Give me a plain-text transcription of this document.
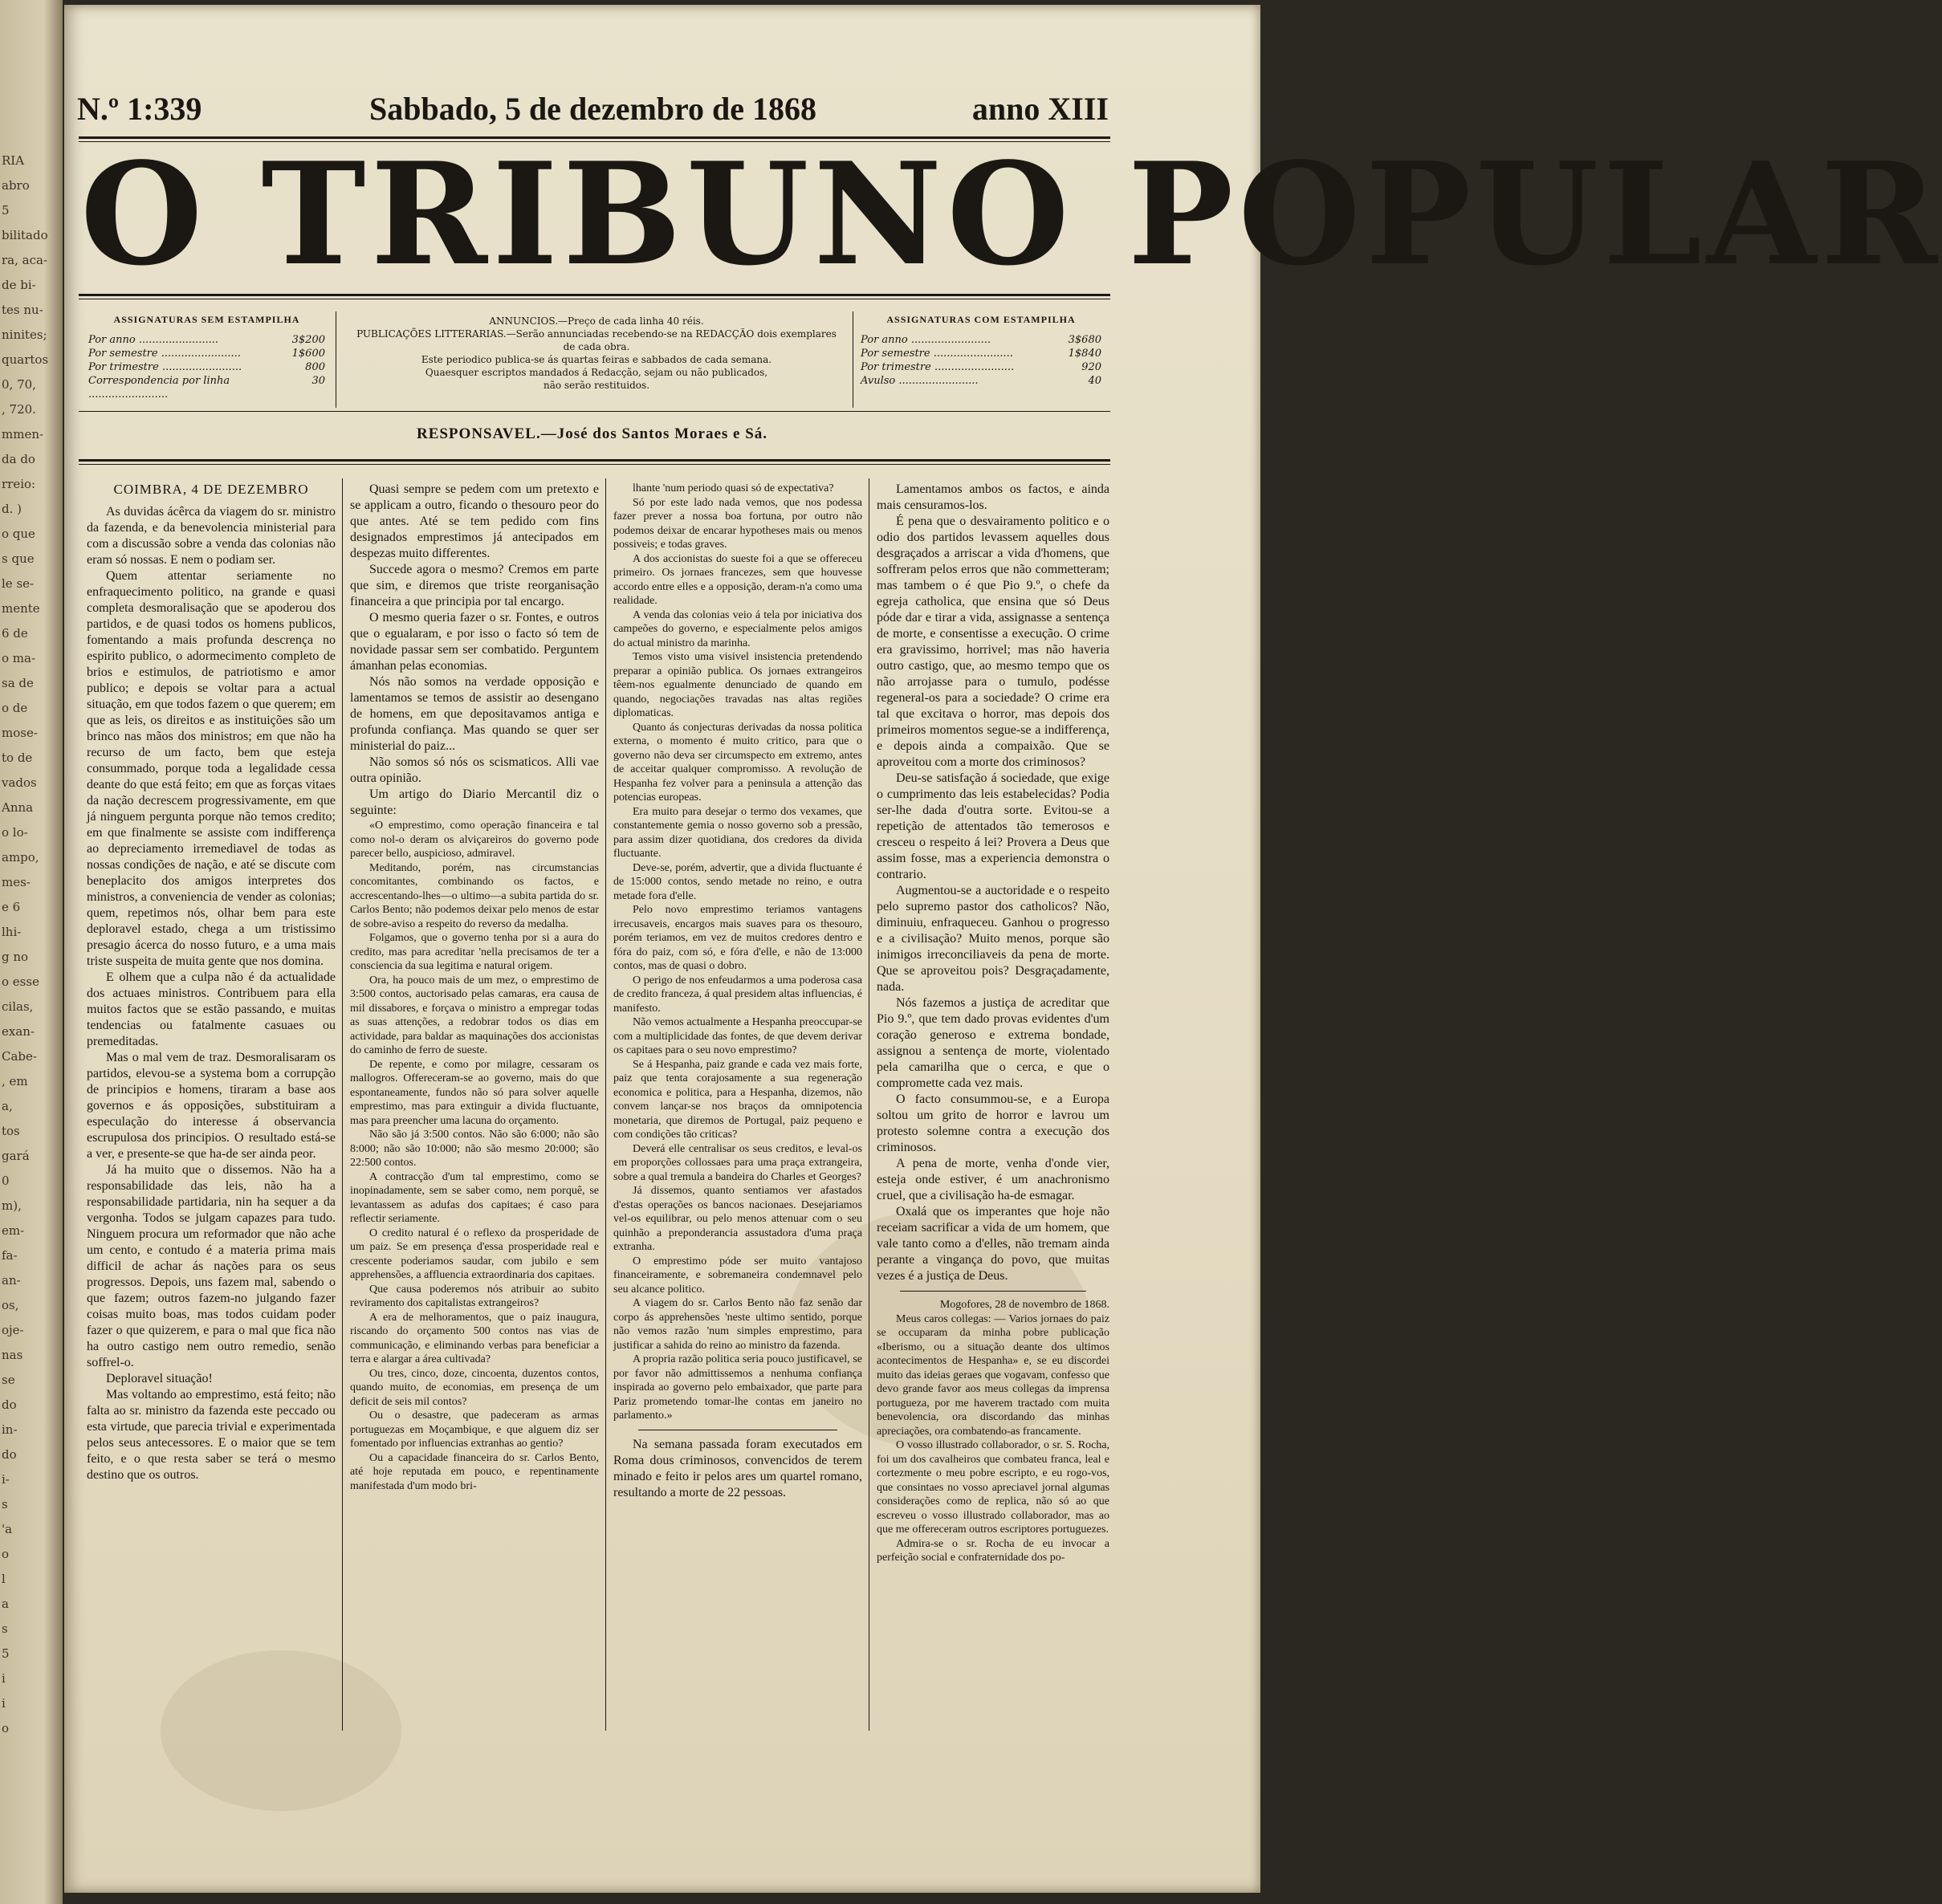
RIA
abro
5
bilitado
ra, aca-
de bi-
tes nu-
ninites;
quartos
0, 70,
, 720.
mmen-
da do
rreio:
d. )
o que
s que
le se-
mente
6 de
o ma-
sa de
o de
mose-
to de
vados
Anna
o lo-
ampo,
mes-
e 6
lhi-
g no
o esse
cilas,
exan-
Cabe-
, em
a,
tos
gará
0
m),
em-
fa-
an-
os,
oje-
nas
se
do
in-
do
i-
s
'a
o
l
a
s
5
i
i
o
N.º 1:339	Sabbado, 5 de dezembro de 1868	anno XIII
O TRIBUNO POPULAR
ASSIGNATURAS SEM ESTAMPILHA
Por anno .....	3$200
Por semestre .....	1$600
Por trimestre .....	800
Correspondencia por linha .....	30
ANNUNCIOS.—Preço de cada linha 40 réis.
PUBLICAÇÕES LITTERARIAS.—Serão annunciadas recebendo-se na REDACÇÃO dois exemplares
de cada obra.
Este periodico publica-se ás quartas feiras e sabbados de cada semana.
Quaesquer escriptos mandados á Redacção, sejam ou não publicados,
não serão restituidos.
ASSIGNATURAS COM ESTAMPILHA
Por anno .....	3$680
Por semestre .....	1$840
Por trimestre .....	920
Avulso .....	40
RESPONSAVEL.—José dos Santos Moraes e Sá.

COIMBRA, 4 DE DEZEMBRO

As duvidas ácêrca da viagem do sr. ministro da fazenda, e da benevolencia ministerial para com a discussão sobre a venda das colonias não eram só nossas. E nem o podiam ser.

Quem attentar seriamente no enfraquecimento politico, na grande e quasi completa desmoralisação que se apoderou dos partidos, e de quasi todos os homens publicos, fomentando a mais profunda descrença no espirito publico, o adormecimento completo de brios e estimulos, de patriotismo e amor publico; e depois se voltar para a actual situação, em que todos fazem o que querem; em que as leis, os direitos e as instituições são um brinco nas mãos dos ministros; em que não ha recurso de um facto, bem que esteja consummado, porque toda a legalidade cessa deante do que está feito; em que as forças vitaes da nação decrescem progressivamente, em que já ninguem pergunta porque não temos credito; em que finalmente se assiste com indifferença ao depreciamento irremediavel de todas as nossas condições de nação, e até se discute com beneplacito dos amigos interpretes dos ministros, a conveniencia de vender as colonias; quem, repetimos nós, olhar bem para este deploravel estado, chega a um tristissimo presagio ácerca do nosso futuro, e a uma mais triste suspeita de muita gente que nos domina.

E olhem que a culpa não é da actualidade dos actuaes ministros. Contribuem para ella muitos factos que se estão passando, e muitas tendencias ou fatalmente casuaes ou premeditadas.

Mas o mal vem de traz. Desmoralisaram os partidos, elevou-se a systema bom a corrupção de principios e homens, tiraram a base aos governos e ás opposições, substituiram a especulação do interesse á observancia escrupulosa dos principios. O resultado está-se a ver, e presente-se que ha-de ser ainda peor.

Já ha muito que o dissemos. Não ha a responsabilidade das leis, não ha a responsabilidade partidaria, nin ha sequer a da vergonha. Todos se julgam capazes para tudo. Ninguem procura um reformador que não ache um cento, e contudo é a materia prima mais difficil de achar ás nações para os seus progressos. Depois, uns fazem mal, sabendo o que fazem; outros fazem-no julgando fazer coisas muito boas, mas todos cuidam poder fazer o que quizerem, e para o mal que fica não ha outro castigo nem outro remedio, senão soffrel-o.

Deploravel situação!

Mas voltando ao emprestimo, está feito; não falta ao sr. ministro da fazenda este peccado ou esta virtude, que parecia trivial e experimentada pelos seus antecessores. E o maior que se tem feito, e o que resta saber se terá o mesmo destino que os outros.

Quasi sempre se pedem com um pretexto e se applicam a outro, ficando o thesouro peor do que antes. Até se tem pedido com fins designados emprestimos já antecipados em despezas muito differentes.

Succede agora o mesmo? Cremos em parte que sim, e diremos que triste reorganisação financeira a que principia por tal encargo.

O mesmo queria fazer o sr. Fontes, e outros que o egualaram, e por isso o facto só tem de novidade passar sem ser combatido. Perguntem ámanhan pelas economias.

Nós não somos na verdade opposição e lamentamos se temos de assistir ao desengano de homens, em que depositavamos antiga e profunda confiança. Mas quando se quer ser ministerial do paiz...

Não somos só nós os scismaticos. Alli vae outra opinião.

Um artigo do Diario Mercantil diz o seguinte:

«O emprestimo, como operação financeira e tal como nol-o deram os alviçareiros do governo pode parecer bello, auspicioso, admiravel.

Meditando, porém, nas circumstancias concomitantes, combinando os factos, e accrescentando-lhes—o ultimo—a subita partida do sr. Carlos Bento; não podemos deixar pelo menos de estar de sobre-aviso a respeito do reverso da medalha.

Folgamos, que o governo tenha por si a aura do credito, mas para acreditar 'nella precisamos de ter a consciencia da sua legitima e natural origem.

Ora, ha pouco mais de um mez, o emprestimo de 3:500 contos, auctorisado pelas camaras, era causa de mil dissabores, e forçava o ministro a empregar todas as suas attenções, a redobrar todos os dias em actividade, para baldar as maquinações dos accionistas do caminho de ferro de sueste.

De repente, e como por milagre, cessaram os mallogros. Offereceram-se ao governo, mais do que espontaneamente, fundos não só para solver aquelle emprestimo, mas para extinguir a divida fluctuante, mas para preencher uma lacuna do orçamento.

Não são já 3:500 contos. Não são 6:000; não são 8:000; não são 10:000; não são mesmo 20:000; são 22:500 contos.

A contracção d'um tal emprestimo, como se inopinadamente, sem se saber como, nem porquê, se levantassem as adufas dos capitaes; é caso para reflectir seriamente.

O credito natural é o reflexo da prosperidade de um paiz. Se em presença d'essa prosperidade real e crescente poderiamos saudar, com jubilo e sem apprehensões, a affluencia extraordinaria dos capitaes.

Que causa poderemos nós atribuir ao subito reviramento dos capitalistas extrangeiros?

A era de melhoramentos, que o paiz inaugura, riscando do orçamento 500 contos nas vias de communicação, e eliminando verbas para beneficiar a terra e alargar a área cultivada?

Ou tres, cinco, doze, cincoenta, duzentos contos, quando muito, de economias, em presença de um deficit de seis mil contos?

Ou o desastre, que padeceram as armas portuguezas em Moçambique, e que alguem diz ser fomentado por influencias extranhas ao gentio?

Ou a capacidade financeira do sr. Carlos Bento, até hoje reputada em pouco, e repentinamente manifestada d'um modo bri-

lhante 'num periodo quasi só de expectativa?

Só por este lado nada vemos, que nos podessa fazer prever a nossa boa fortuna, por outro não podemos deixar de encarar hypotheses mais ou menos possiveis; e todas graves.

A dos accionistas do sueste foi a que se offereceu primeiro. Os jornaes francezes, sem que houvesse accordo entre elles e a opposição, deram-n'a como uma realidade.

A venda das colonias veio á tela por iniciativa dos campeões do governo, e especialmente pelos amigos do actual ministro da marinha.

Temos visto uma visivel insistencia pretendendo preparar a opinião publica. Os jornaes extrangeiros têem-nos egualmente denunciado de quando em quando, negociações travadas nas altas regiões diplomaticas.

Quanto ás conjecturas derivadas da nossa politica externa, o momento é muito critico, para que o governo não deva ser circumspecto em extremo, antes de acceitar qualquer compromisso. A revolução de Hespanha fez volver para a peninsula a attenção das potencias europeas.

Era muito para desejar o termo dos vexames, que constantemente gemia o nosso governo sob a pressão, para assim dizer quotidiana, dos credores da divida fluctuante.

Deve-se, porém, advertir, que a divida fluctuante é de 15:000 contos, sendo metade no reino, e outra metade fora d'elle.

Pelo novo emprestimo teriamos vantagens irrecusaveis, encargos mais suaves para os thesouro, porém teriamos, em vez de muitos credores dentro e fóra do paiz, com só, e fóra d'elle, e não de 13:000 contos, mas de quasi o dobro.

O perigo de nos enfeudarmos a uma poderosa casa de credito franceza, á qual presidem altas influencias, é manifesto.

Não vemos actualmente a Hespanha preoccupar-se com a multiplicidade das fontes, de que devem derivar os capitaes para o seu novo emprestimo?

Se á Hespanha, paiz grande e cada vez mais forte, paiz que tenta corajosamente a sua regeneração economica e politica, para a Hespanha, dizemos, não convem lançar-se nos braços da omnipotencia monetaria, que diremos de Portugal, paiz pequeno e com condições tão criticas?

Deverá elle centralisar os seus creditos, e leval-os em proporções collossaes para uma praça extrangeira, sobre a qual tremula a bandeira do Charles et Georges?

Já dissemos, quanto sentiamos ver afastados d'estas operações os bancos nacionaes. Desejariamos vel-os equilibrar, ou pelo menos attenuar com o seu quinhão a preponderancia assustadora d'uma praça extranha.

O emprestimo póde ser muito vantajoso financeiramente, e sobremaneira condemnavel pelo seu alcance politico.

A viagem do sr. Carlos Bento não faz senão dar corpo ás apprehensões 'neste ultimo sentido, porque não vemos razão 'num simples emprestimo, para justificar a sahida do reino ao ministro da fazenda.

A propria razão politica seria pouco justificavel, se por favor não admittissemos a nenhuma confiança inspirada ao governo pelo embaixador, que parte para Pariz prometendo tomar-lhe contas em janeiro no parlamento.»

Na semana passada foram executados em Roma dous criminosos, convencidos de terem minado e feito ir pelos ares um quartel romano, resultando a morte de 22 pessoas.

Lamentamos ambos os factos, e ainda mais censuramos-los.

É pena que o desvairamento politico e o odio dos partidos levassem aquelles dous desgraçados a arriscar a vida d'homens, que soffreram pelos erros que não commetteram; mas tambem o é que Pio 9.º, o chefe da egreja catholica, que ensina que só Deus póde dar e tirar a vida, assignasse a sentença de morte, e consentisse a execução. O crime era gravissimo, horrivel; mas não haveria outro castigo, que, ao mesmo tempo que os não arrojasse para o tumulo, podésse regeneral-os para a sociedade? O crime era tal que excitava o horror, mas depois dos primeiros momentos segue-se a indifferença, e depois ainda a compaixão. Que se aproveitou com a morte dos criminosos?

Deu-se satisfação á sociedade, que exige o cumprimento das leis estabelecidas? Podia ser-lhe dada d'outra sorte. Evitou-se a repetição de attentados tão temerosos e cresceu o respeito á lei? Provera a Deus que assim fosse, mas a experiencia demonstra o contrario.

Augmentou-se a auctoridade e o respeito pelo supremo pastor dos catholicos? Não, diminuiu, enfraqueceu. Ganhou o progresso e a civilisação? Muito menos, porque são inimigos irreconciliaveis da pena de morte. Que se aproveitou pois? Desgraçadamente, nada.

Nós fazemos a justiça de acreditar que Pio 9.º, que tem dado provas evidentes d'um coração generoso e extrema bondade, assignou a sentença de morte, violentado pela camarilha que o cerca, e que o compromette cada vez mais.

O facto consummou-se, e a Europa soltou um grito de horror e lavrou um protesto solemne contra a execução dos criminosos.

A pena de morte, venha d'onde vier, esteja onde estiver, é um anachronismo cruel, que a civilisação ha-de esmagar.

Oxalá que os imperantes que hoje não receiam sacrificar a vida de um homem, que vale tanto como a d'elles, não tremam ainda perante a vingança do povo, que muitas vezes é a justiça de Deus.

Mogofores, 28 de novembro de 1868.

Meus caros collegas: — Varios jornaes do paiz se occuparam da minha pobre publicação «Iberismo, ou a situação deante dos ultimos acontecimentos de Hespanha» e, se eu discordei muito das ideias geraes que vogavam, confesso que devo grande favor aos meus collegas da imprensa portugueza, por me haverem tractado com muita benevolencia, ora discordando das minhas apreciações, ora combatendo-as francamente.

O vosso illustrado collaborador, o sr. S. Rocha, foi um dos cavalheiros que combateu franca, leal e cortezmente o meu pobre escripto, e eu rogo-vos, que consintaes no vosso apreciavel jornal algumas considerações como de replica, não só ao que escreveu o vosso illustrado collaborador, mas ao que me offereceram outros escriptores portuguezes.

Admira-se o sr. Rocha de eu invocar a perfeição social e confraternidade dos po-
